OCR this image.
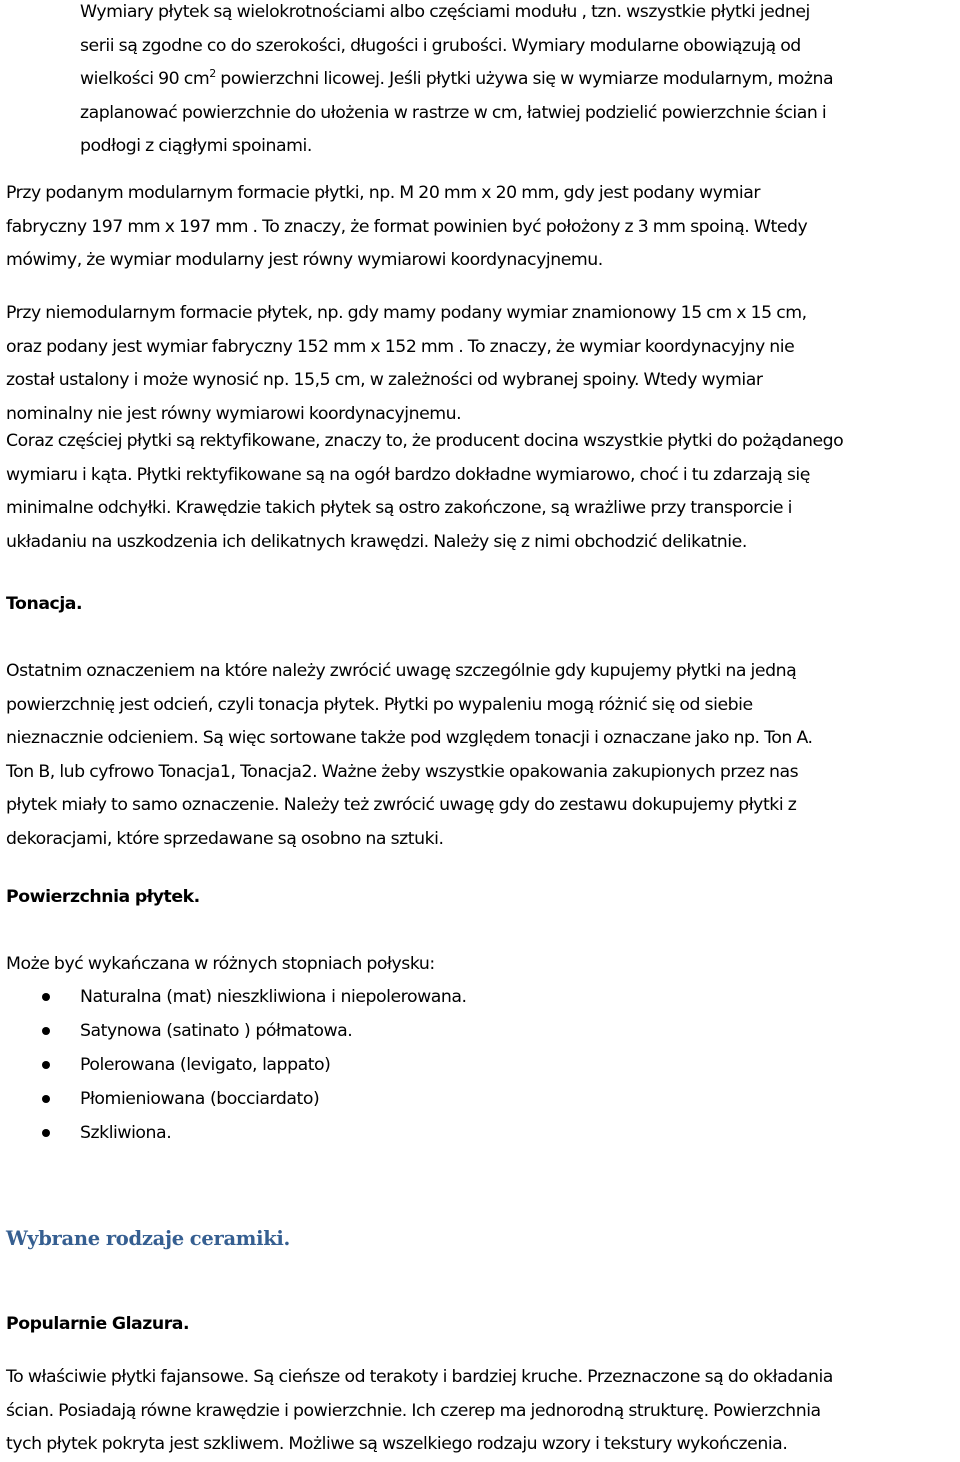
Wymiary płytek są wielokrotnościami albo częściami modułu , tzn. wszystkie płytki jednej

serii są zgodne co do szerokości, długości i grubości. Wymiary modularne obowiązują od

wielkości 90 $cm^2$ powierzchni licowej. Jeśli płytki używa się w wymiarze modularnym, można

zaplanować powierzchnie do ułożenia w rastrze w cm, łatwiej podzielić powierzchnie ścian i

podłogi z ciągłymi spoinami.

Przy podanym modularnym formacie płytki, np. M 20 mm x 20 mm, gdy jest podany wymiar

fabryczny 197 mm x 197 mm . To znaczy, że format powinien być położony z 3 mm spoiną. Wtedy

mówimy, że wymiar modularny jest równy wymiarowi koordynacyjnemu.

Przy niemodularnym formacie płytek, np. gdy mamy podany wymiar znamionowy 15 cm x 15 cm,

oraz podany jest wymiar fabryczny 152 mm x 152 mm . To znaczy, że wymiar koordynacyjny nie

został ustalony i może wynosić np. 15,5 cm, w zależności od wybranej spoiny. Wtedy wymiar

nominalny nie jest równy wymiarowi koordynacyjnemu.

Coraz częściej płytki są rektyfikowane, znaczy to, że producent docina wszystkie płytki do pożądanego

wymiaru i kąta. Płytki rektyfikowane są na ogół bardzo dokładne wymiarowo, choć i tu zdarzają się

minimalne odchyłki. Krawędzie takich płytek są ostro zakończone, są wrażliwe przy transporcie i

układaniu na uszkodzenia ich delikatnych krawędzi. Należy się z nimi obchodzić delikatnie.

Tonacja.

Ostatnim oznaczeniem na które należy zwrócić uwagę szczególnie gdy kupujemy płytki na jedną

powierzchnię jest odcień, czyli tonacja płytek. Płytki po wypaleniu mogą różnić się od siebie

nieznacznie odcieniem. Są więc sortowane także pod względem tonacji i oznaczane jako np. Ton A.

Ton B, lub cyfrowo Tonacja1, Tonacja2. Ważne żeby wszystkie opakowania zakupionych przez nas

płytek miały to samo oznaczenie. Należy też zwrócić uwagę gdy do zestawu dokupujemy płytki z

dekoracjami, które sprzedawane są osobno na sztuki.

Powierzchnia płytek.

Może być wykańczana w różnych stopniach połysku:

Naturalna (mat) nieszkliwiona i niepolerowana.
Satynowa (satinato ) półmatowa.
Polerowana (levigato, lappato)
Płomieniowana (bocciardato)
Szkliwiona.

Wybrane rodzaje ceramiki.

Popularnie Glazura.

To właściwie płytki fajansowe. Są cieńsze od terakoty i bardziej kruche. Przeznaczone są do okładania

ścian. Posiadają równe krawędzie i powierzchnie. Ich czerep ma jednorodną strukturę. Powierzchnia

tych płytek pokryta jest szkliwem. Możliwe są wszelkiego rodzaju wzory i tekstury wykończenia.
